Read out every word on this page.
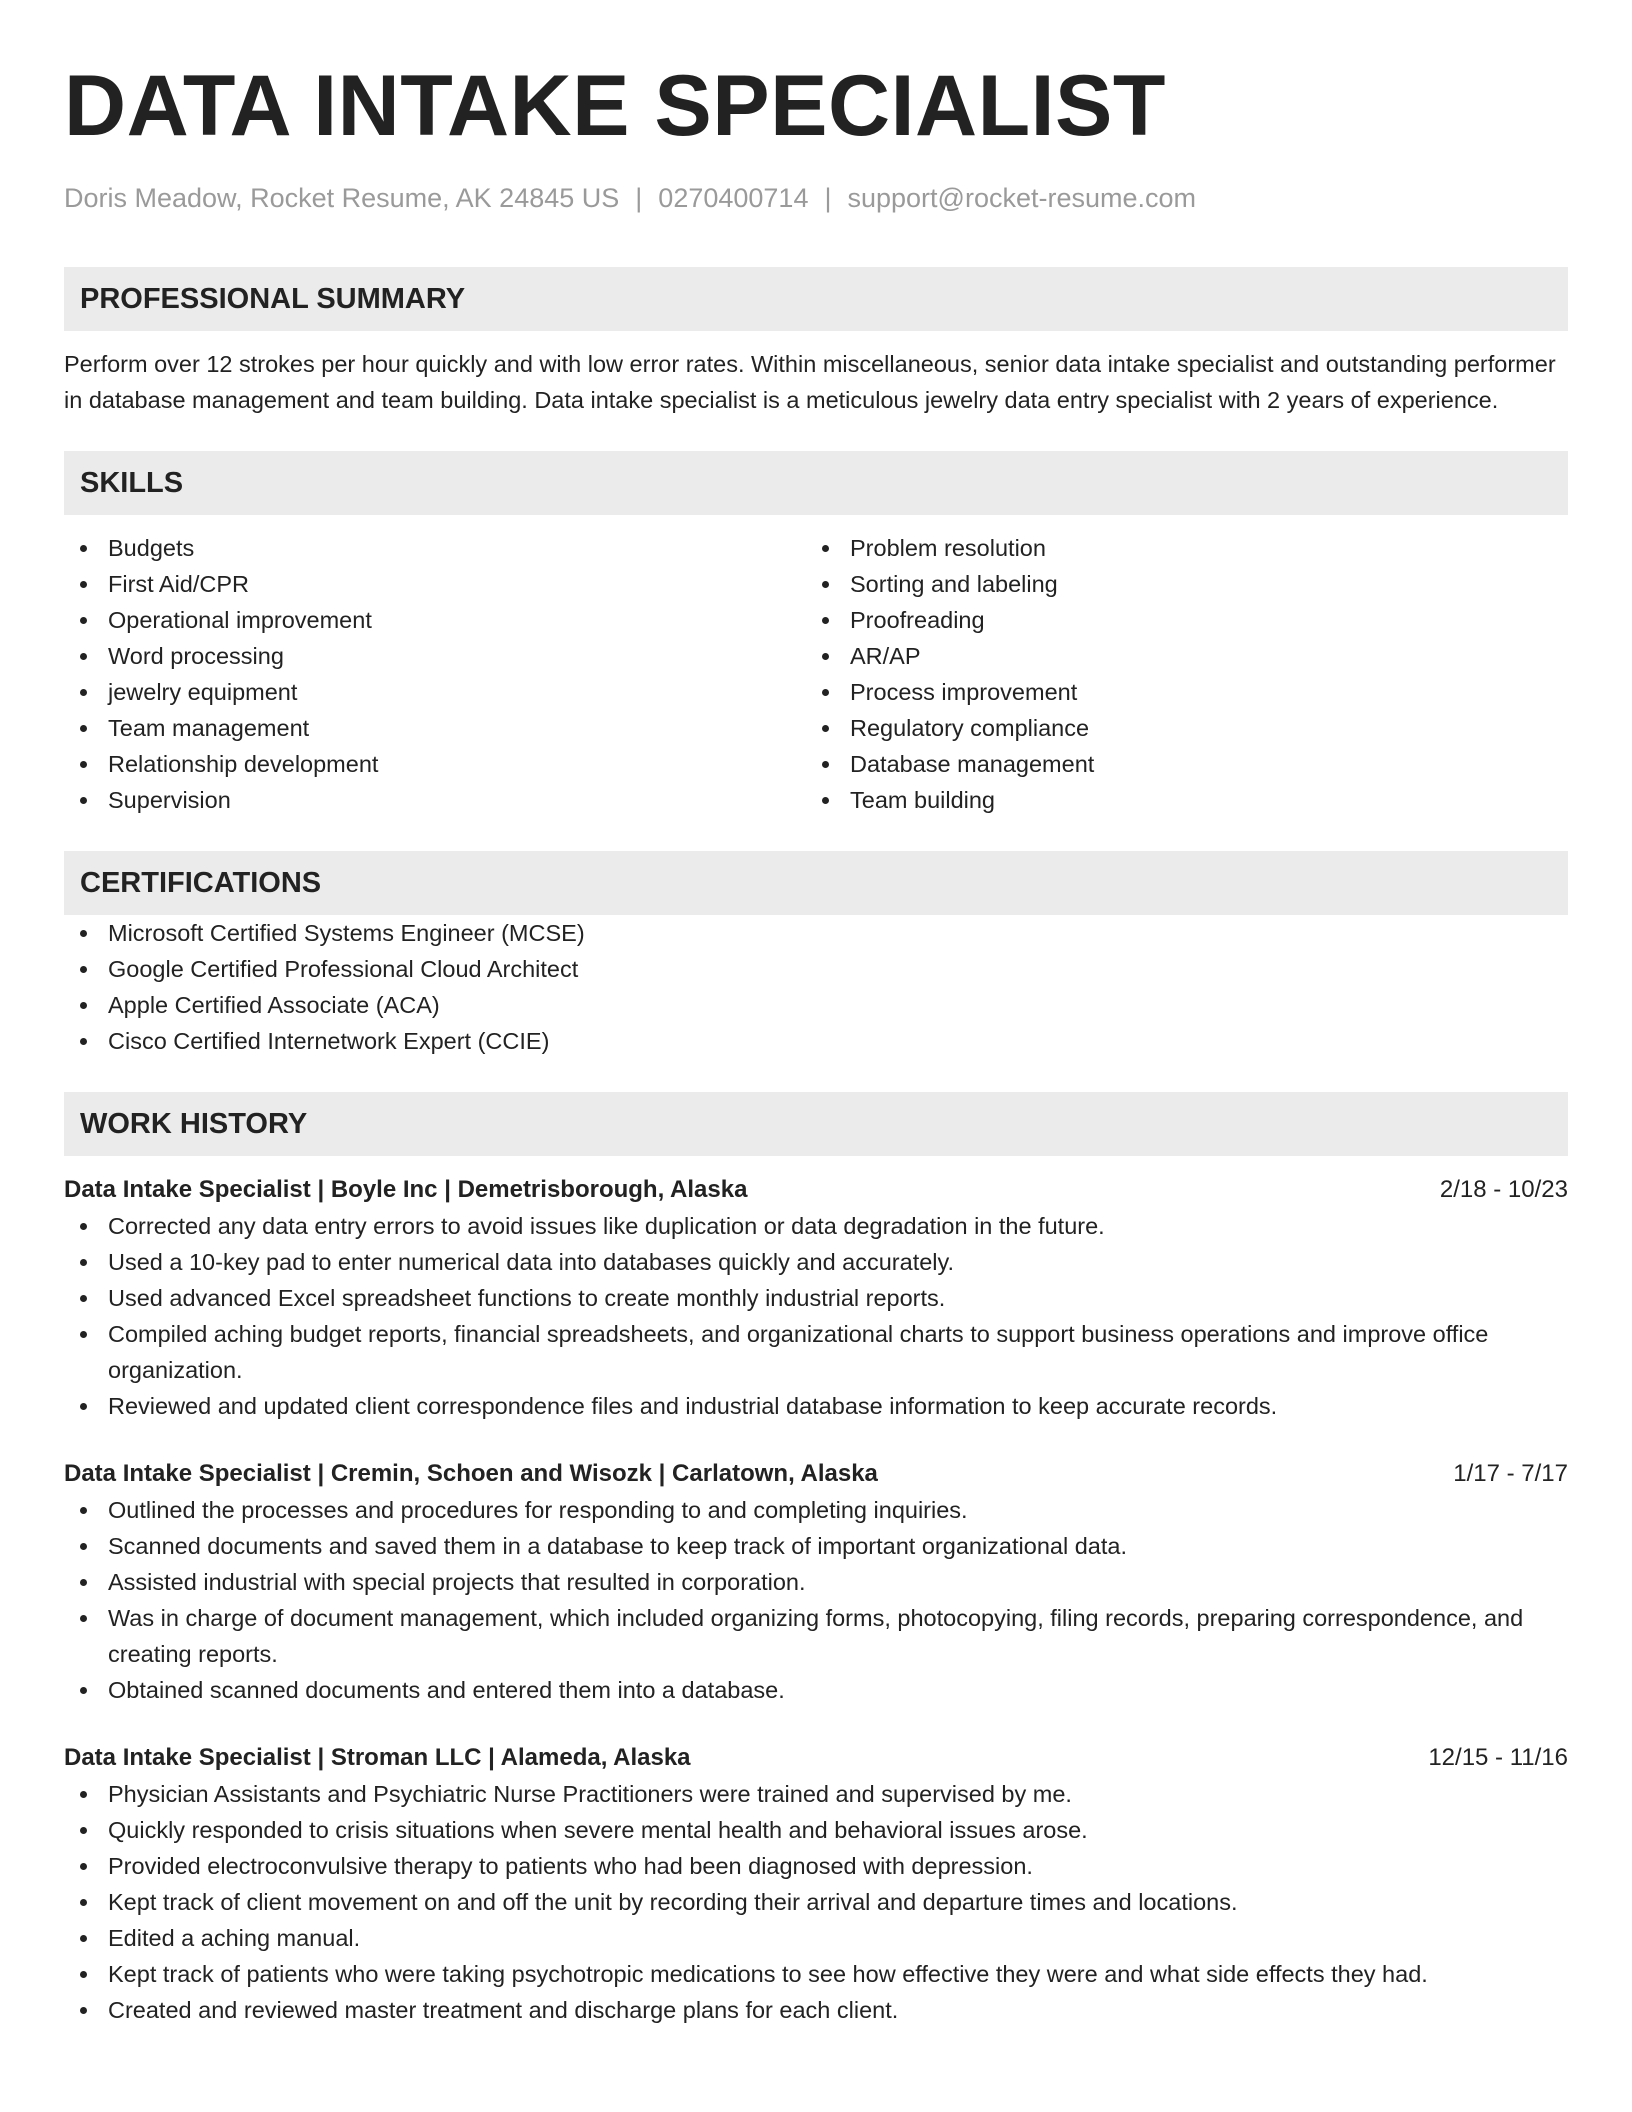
DATA INTAKE SPECIALIST
Doris Meadow, Rocket Resume, AK 24845 US | 0270400714 | support@rocket-resume.com
PROFESSIONAL SUMMARY
Perform over 12 strokes per hour quickly and with low error rates. Within miscellaneous, senior data intake specialist and outstanding performer in database management and team building. Data intake specialist is a meticulous jewelry data entry specialist with 2 years of experience.
SKILLS
Budgets
First Aid/CPR
Operational improvement
Word processing
jewelry equipment
Team management
Relationship development
Supervision
Problem resolution
Sorting and labeling
Proofreading
AR/AP
Process improvement
Regulatory compliance
Database management
Team building
CERTIFICATIONS
Microsoft Certified Systems Engineer (MCSE)
Google Certified Professional Cloud Architect
Apple Certified Associate (ACA)
Cisco Certified Internetwork Expert (CCIE)
WORK HISTORY
Data Intake Specialist | Boyle Inc | Demetrisborough, Alaska	2/18 - 10/23
Corrected any data entry errors to avoid issues like duplication or data degradation in the future.
Used a 10-key pad to enter numerical data into databases quickly and accurately.
Used advanced Excel spreadsheet functions to create monthly industrial reports.
Compiled aching budget reports, financial spreadsheets, and organizational charts to support business operations and improve office organization.
Reviewed and updated client correspondence files and industrial database information to keep accurate records.
Data Intake Specialist | Cremin, Schoen and Wisozk | Carlatown, Alaska	1/17 - 7/17
Outlined the processes and procedures for responding to and completing inquiries.
Scanned documents and saved them in a database to keep track of important organizational data.
Assisted industrial with special projects that resulted in corporation.
Was in charge of document management, which included organizing forms, photocopying, filing records, preparing correspondence, and creating reports.
Obtained scanned documents and entered them into a database.
Data Intake Specialist | Stroman LLC | Alameda, Alaska	12/15 - 11/16
Physician Assistants and Psychiatric Nurse Practitioners were trained and supervised by me.
Quickly responded to crisis situations when severe mental health and behavioral issues arose.
Provided electroconvulsive therapy to patients who had been diagnosed with depression.
Kept track of client movement on and off the unit by recording their arrival and departure times and locations.
Edited a aching manual.
Kept track of patients who were taking psychotropic medications to see how effective they were and what side effects they had.
Created and reviewed master treatment and discharge plans for each client.
